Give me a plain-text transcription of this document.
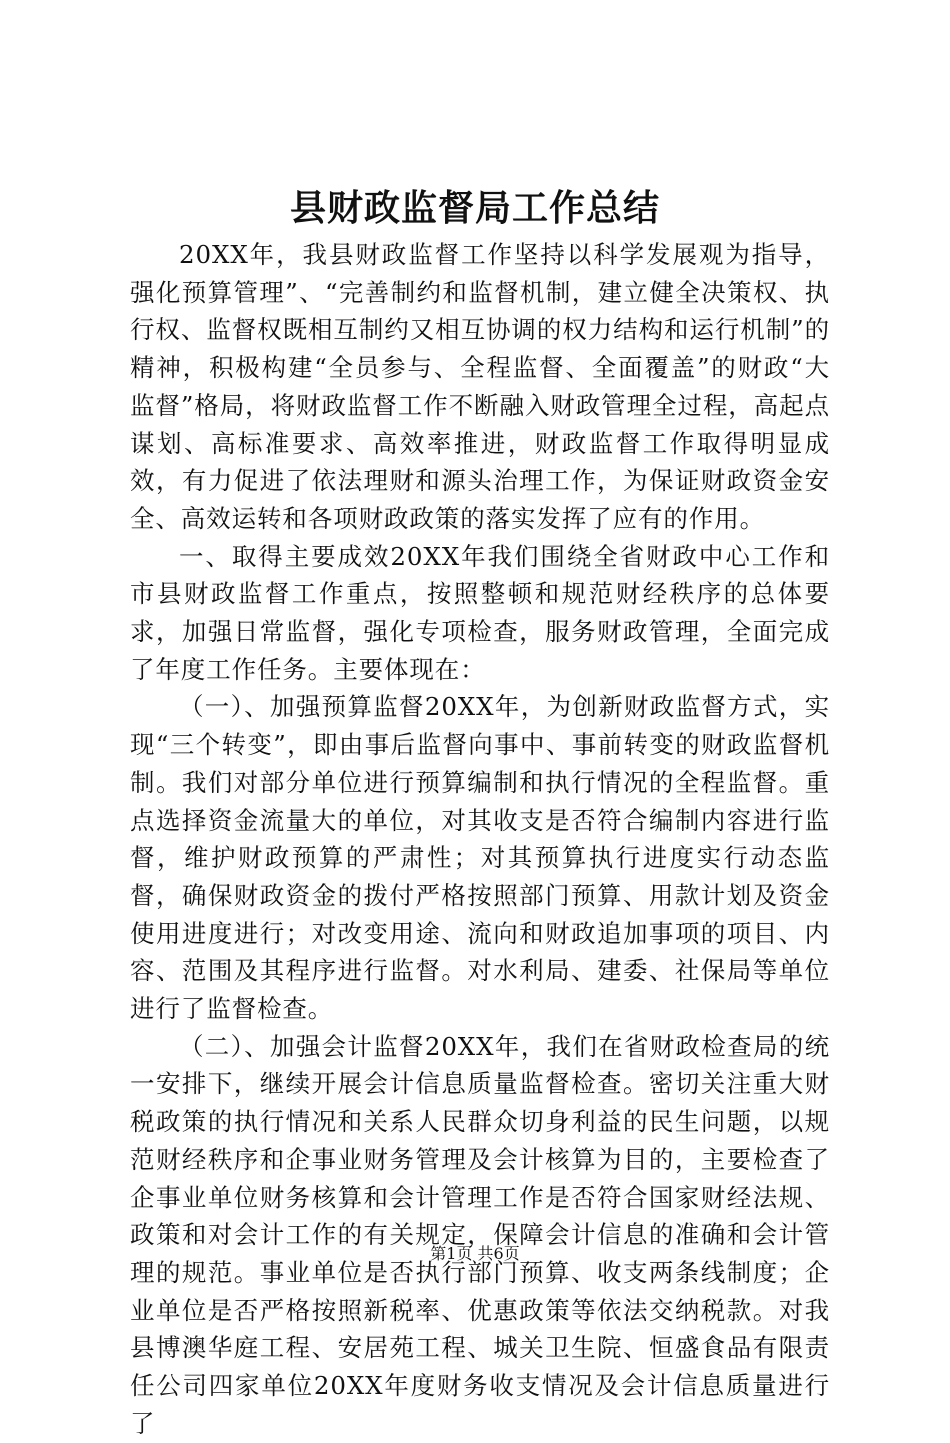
县财政监督局工作总结

20XX年，我县财政监督工作坚持以科学发展观为指导，强化预算管理”、“完善制约和监督机制，建立健全决策权、执行权、监督权既相互制约又相互协调的权力结构和运行机制”的精神，积极构建“全员参与、全程监督、全面覆盖”的财政“大监督”格局，将财政监督工作不断融入财政管理全过程，高起点谋划、高标准要求、高效率推进，财政监督工作取得明显成效，有力促进了依法理财和源头治理工作，为保证财政资金安全、高效运转和各项财政政策的落实发挥了应有的作用。

一、取得主要成效20XX年我们围绕全省财政中心工作和市县财政监督工作重点，按照整顿和规范财经秩序的总体要求，加强日常监督，强化专项检查，服务财政管理，全面完成了年度工作任务。主要体现在：

（一）、加强预算监督20XX年，为创新财政监督方式，实现“三个转变”，即由事后监督向事中、事前转变的财政监督机制。我们对部分单位进行预算编制和执行情况的全程监督。重点选择资金流量大的单位，对其收支是否符合编制内容进行监督，维护财政预算的严肃性；对其预算执行进度实行动态监督，确保财政资金的拨付严格按照部门预算、用款计划及资金使用进度进行；对改变用途、流向和财政追加事项的项目、内容、范围及其程序进行监督。对水利局、建委、社保局等单位进行了监督检查。

（二）、加强会计监督20XX年，我们在省财政检查局的统一安排下，继续开展会计信息质量监督检查。密切关注重大财税政策的执行情况和关系人民群众切身利益的民生问题，以规范财经秩序和企事业财务管理及会计核算为目的，主要检查了企事业单位财务核算和会计管理工作是否符合国家财经法规、政策和对会计工作的有关规定，保障会计信息的准确和会计管理的规范。事业单位是否执行部门预算、收支两条线制度；企业单位是否严格按照新税率、优惠政策等依法交纳税款。对我县博澳华庭工程、安居苑工程、城关卫生院、恒盛食品有限责任公司四家单位20XX年度财务收支情况及会计信息质量进行了

第1页 共6页
